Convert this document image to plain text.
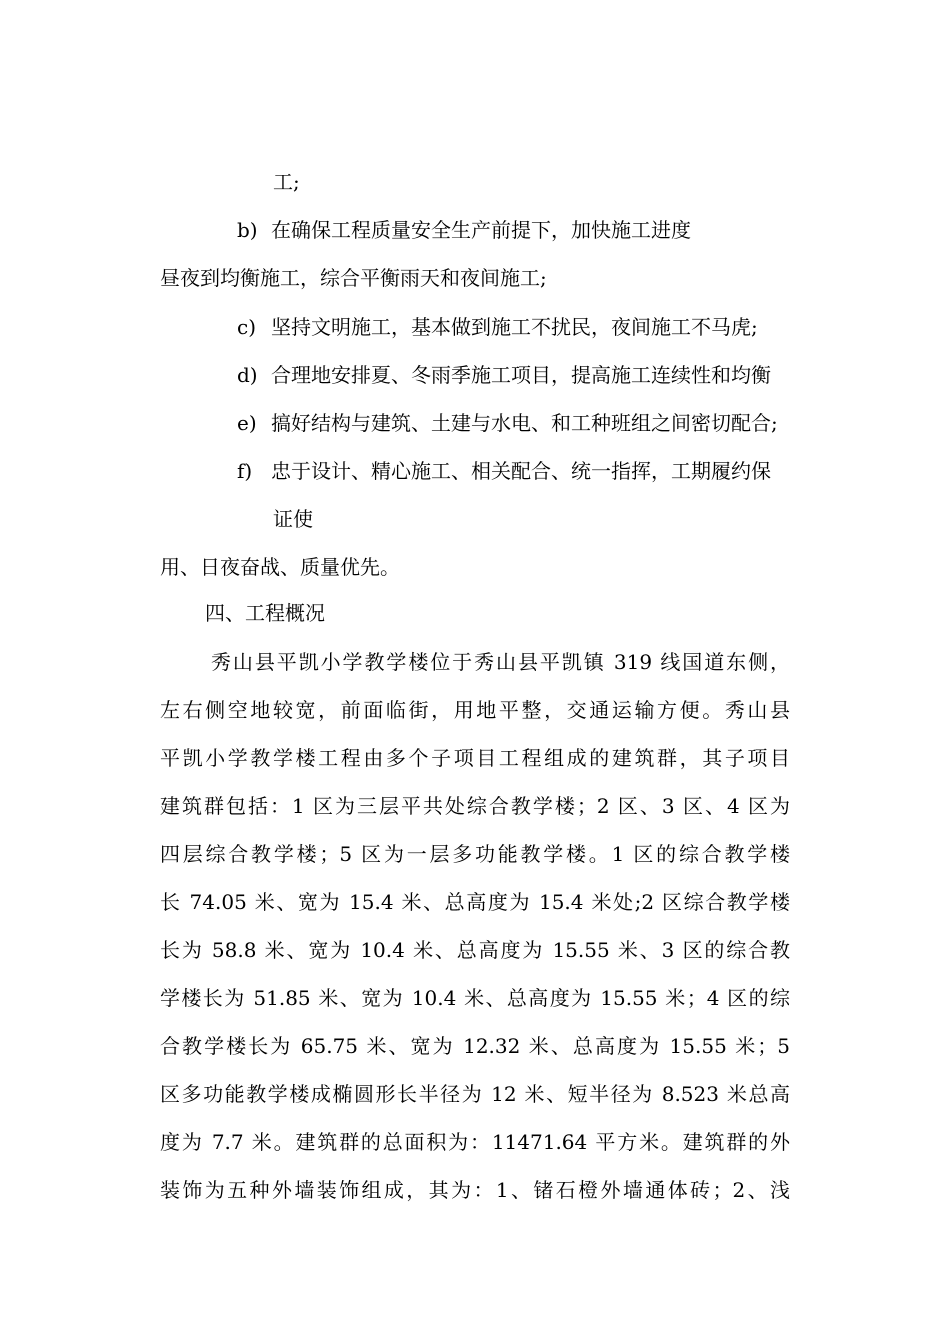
工;
b) 在确保工程质量安全生产前提下，加快施工进度
昼夜到均衡施工，综合平衡雨天和夜间施工;
c) 坚持文明施工，基本做到施工不扰民，夜间施工不马虎;
d) 合理地安排夏、冬雨季施工项目，提高施工连续性和均衡
e) 搞好结构与建筑、土建与水电、和工种班组之间密切配合;
f) 忠于设计、精心施工、相关配合、统一指挥，工期履约保
证使
用、日夜奋战、质量优先。
四、工程概况
秀山县平凯小学教学楼位于秀山县平凯镇 319 线国道东侧，
左右侧空地较宽，前面临街，用地平整，交通运输方便。秀山县
平凯小学教学楼工程由多个子项目工程组成的建筑群，其子项目
建筑群包括：1 区为三层平共处综合教学楼；2 区、3 区、4 区为
四层综合教学楼；5 区为一层多功能教学楼。1 区的综合教学楼
长 74.05 米、宽为 15.4 米、总高度为 15.4 米处;2 区综合教学楼
长为 58.8 米、宽为 10.4 米、总高度为 15.55 米、3 区的综合教
学楼长为 51.85 米、宽为 10.4 米、总高度为 15.55 米；4 区的综
合教学楼长为 65.75 米、宽为 12.32 米、总高度为 15.55 米；5
区多功能教学楼成椭圆形长半径为 12 米、短半径为 8.523 米总高
度为 7.7 米。建筑群的总面积为：11471.64 平方米。建筑群的外
装饰为五种外墙装饰组成，其为：1、锗石橙外墙通体砖；2、浅
